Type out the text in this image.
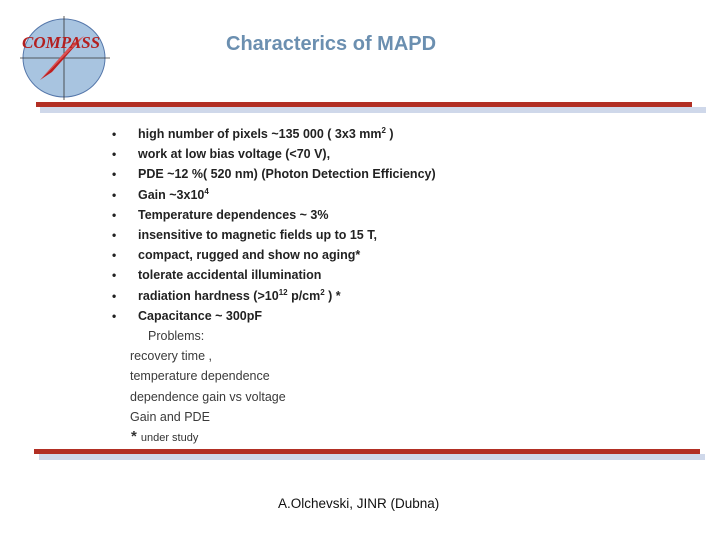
COMPASS	Characterics of MAPD
• high number of pixels ~135 000 ( 3x3 $mm^2$ )
• work at low bias voltage (<70 V),
• PDE ~12 %( 520 nm) (Photon Detection Efficiency)
• Gain $\sim 3x10^4$
• Temperature dependences ~ 3%
• insensitive to magnetic fields up to 15 T,
• compact, rugged and show no aging*
• tolerate accidental illumination
• radiation hardness ($>10^{12}$ $p/cm^2$ ) *
• Capacitance ~ 300pF
Problems:
recovery time ,
temperature dependence
dependence gain vs voltage
Gain and PDE
* under study
A.Olchevski, JINR (Dubna)
